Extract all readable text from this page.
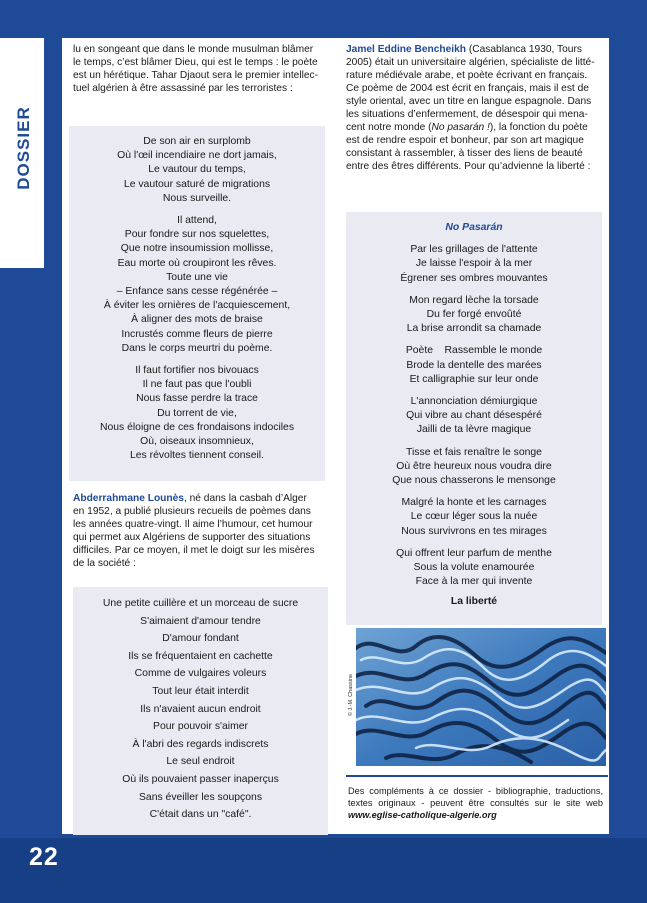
DOSSIER

lu en songeant que dans le monde musulman blâmer
le temps, c’est blâmer Dieu, qui est le temps : le poète
est un hérétique. Tahar Djaout sera le premier intellec-
tuel algérien à être assassiné par les terroristes :

De son air en surplomb
Où l'œil incendiaire ne dort jamais,
Le vautour du temps,
Le vautour saturé de migrations
Nous surveille.
Il attend,
Pour fondre sur nos squelettes,
Que notre insoumission mollisse,
Eau morte où croupiront les rêves.
Toute une vie
– Enfance sans cesse régénérée –
À éviter les ornières de l'acquiescement,
À aligner des mots de braise
Incrustés comme fleurs de pierre
Dans le corps meurtri du poème.
Il faut fortifier nos bivouacs
Il ne faut pas que l'oubli
Nous fasse perdre la trace
Du torrent de vie,
Nous éloigne de ces frondaisons indociles
Où, oiseaux insomnieux,
Les révoltes tiennent conseil.

Abderrahmane Lounès, né dans la casbah d’Alger
en 1952, a publié plusieurs recueils de poèmes dans
les années quatre-vingt. Il aime l’humour, cet humour
qui permet aux Algériens de supporter des situations
difficiles. Par ce moyen, il met le doigt sur les misères
de la société :

Une petite cuillère et un morceau de sucre
S'aimaient d'amour tendre
D'amour fondant
Ils se fréquentaient en cachette
Comme de vulgaires voleurs
Tout leur était interdit
Ils n'avaient aucun endroit
Pour pouvoir s'aimer
À l'abri des regards indiscrets
Le seul endroit
Où ils pouvaient passer inaperçus
Sans éveiller les soupçons
C'était dans un "café".

Jamel Eddine Bencheikh (Casablanca 1930, Tours
2005) était un universitaire algérien, spécialiste de litté-
rature médiévale arabe, et poète écrivant en français.
Ce poème de 2004 est écrit en français, mais il est de
style oriental, avec un titre en langue espagnole. Dans
les situations d’enfermement, de désespoir qui mena-
cent notre monde (No pasarán !), la fonction du poète
est de rendre espoir et bonheur, par son art magique
consistant à rassembler, à tisser des liens de beauté
entre des êtres différents. Pour qu’advienne la liberté :

No Pasarán
Par les grillages de l'attente
Je laisse l'espoir à la mer
Égrener ses ombres mouvantes
Mon regard lèche la torsade
Du fer forgé envoûté
La brise arrondit sa chamade
Poète    Rassemble le monde
Brode la dentelle des marées
Et calligraphie sur leur onde
L'annonciation démiurgique
Qui vibre au chant désespéré
Jailli de ta lèvre magique
Tisse et fais renaître le songe
Où être heureux nous voudra dire
Que nous chasserons le mensonge
Malgré la honte et les carnages
Le cœur léger sous la nuée
Nous survivrons en tes mirages
Qui offrent leur parfum de menthe
Sous la volute enamourée
Face à la mer qui invente
La liberté
© J.-M. Chassine
Des compléments à ce dossier - bibliographie, traductions, textes originaux - peuvent être consultés sur le site web www.eglise-catholique-algerie.org
22
